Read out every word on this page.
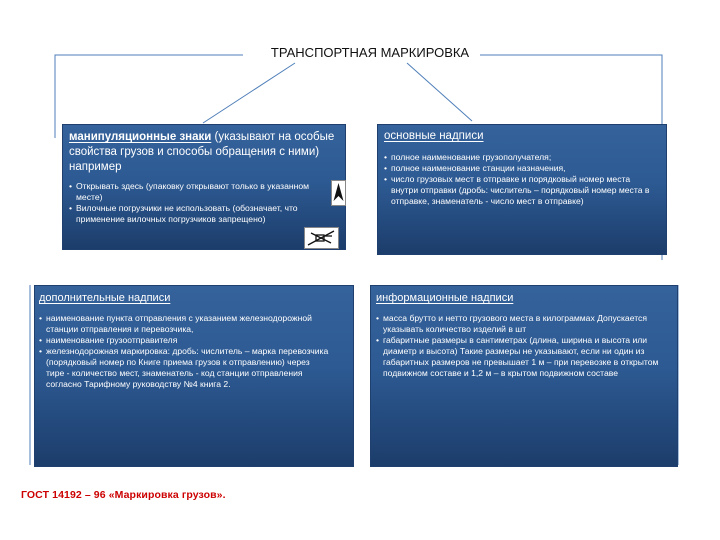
ТРАНСПОРТНАЯ МАРКИРОВКА
манипуляционные знаки (указывают на особые свойства грузов и способы обращения с ними) например
• Открывать здесь (упаковку открывают только в указанном месте)
• Вилочные погрузчики не использовать (обозначает, что применение вилочных погрузчиков запрещено)
основные надписи
• полное наименование грузополучателя;
• полное наименование станции назначения,
• число грузовых мест в отправке и порядковый номер места внутри отправки (дробь: числитель – порядковый номер места в отправке, знаменатель - число мест в отправке)
дополнительные надписи
• наименование пункта отправления с указанием железнодорожной станции отправления и перевозчика,
• наименование грузоотправителя
• железнодорожная маркировка: дробь: числитель – марка перевозчика (порядковый номер по Книге приема грузов к отправлению) через тире - количество мест, знаменатель - код станции отправления согласно Тарифному руководству №4 книга 2.
информационные надписи
• масса брутто и нетто грузового места в килограммах Допускается указывать количество изделий в шт
• габаритные размеры в сантиметрах (длина, ширина и высота или диаметр и высота) Такие размеры не указывают, если ни один из габаритных размеров не превышает 1 м – при перевозке в открытом подвижном составе и 1,2 м – в крытом подвижном составе
ГОСТ 14192 – 96 «Маркировка грузов».
